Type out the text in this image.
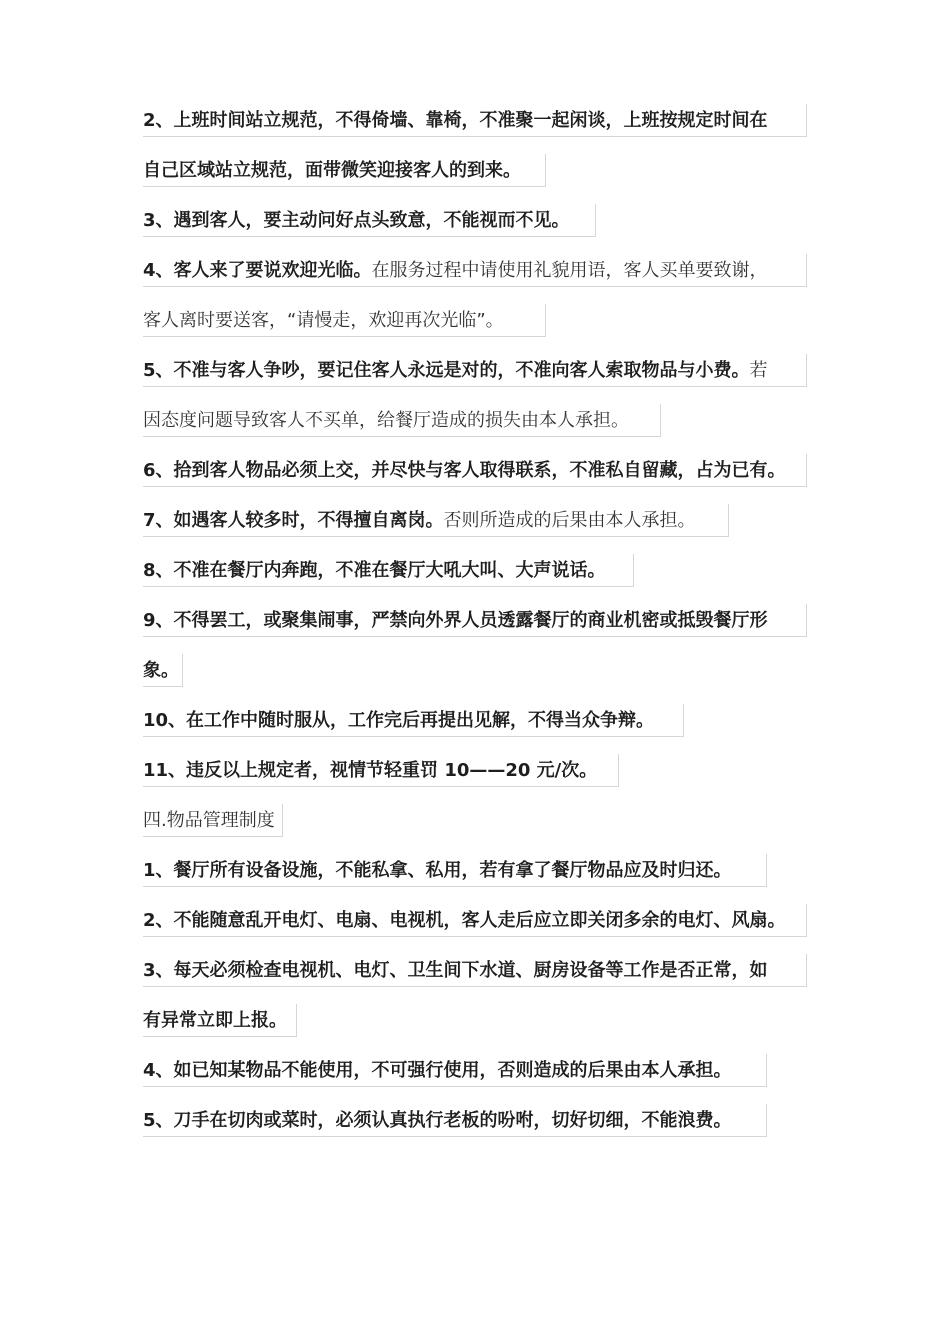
2、上班时间站立规范，不得倚墙、靠椅，不准聚一起闲谈，上班按规定时间在
自己区域站立规范，面带微笑迎接客人的到来。
3、遇到客人，要主动问好点头致意，不能视而不见。
4、客人来了要说欢迎光临。在服务过程中请使用礼貌用语，客人买单要致谢，
客人离时要送客，“请慢走，欢迎再次光临”。
5、不准与客人争吵，要记住客人永远是对的，不准向客人索取物品与小费。若
因态度问题导致客人不买单，给餐厅造成的损失由本人承担。
6、拾到客人物品必须上交，并尽快与客人取得联系，不准私自留藏，占为已有。
7、如遇客人较多时，不得擅自离岗。否则所造成的后果由本人承担。
8、不准在餐厅内奔跑，不准在餐厅大吼大叫、大声说话。
9、不得罢工，或聚集闹事，严禁向外界人员透露餐厅的商业机密或抵毁餐厅形
象。
10、在工作中随时服从，工作完后再提出见解，不得当众争辩。
11、违反以上规定者，视情节轻重罚 10——20 元/次。
四.物品管理制度
1、餐厅所有设备设施，不能私拿、私用，若有拿了餐厅物品应及时归还。
2、不能随意乱开电灯、电扇、电视机，客人走后应立即关闭多余的电灯、风扇。
3、每天必须检查电视机、电灯、卫生间下水道、厨房设备等工作是否正常，如
有异常立即上报。
4、如已知某物品不能使用，不可强行使用，否则造成的后果由本人承担。
5、刀手在切肉或菜时，必须认真执行老板的吩咐，切好切细，不能浪费。
